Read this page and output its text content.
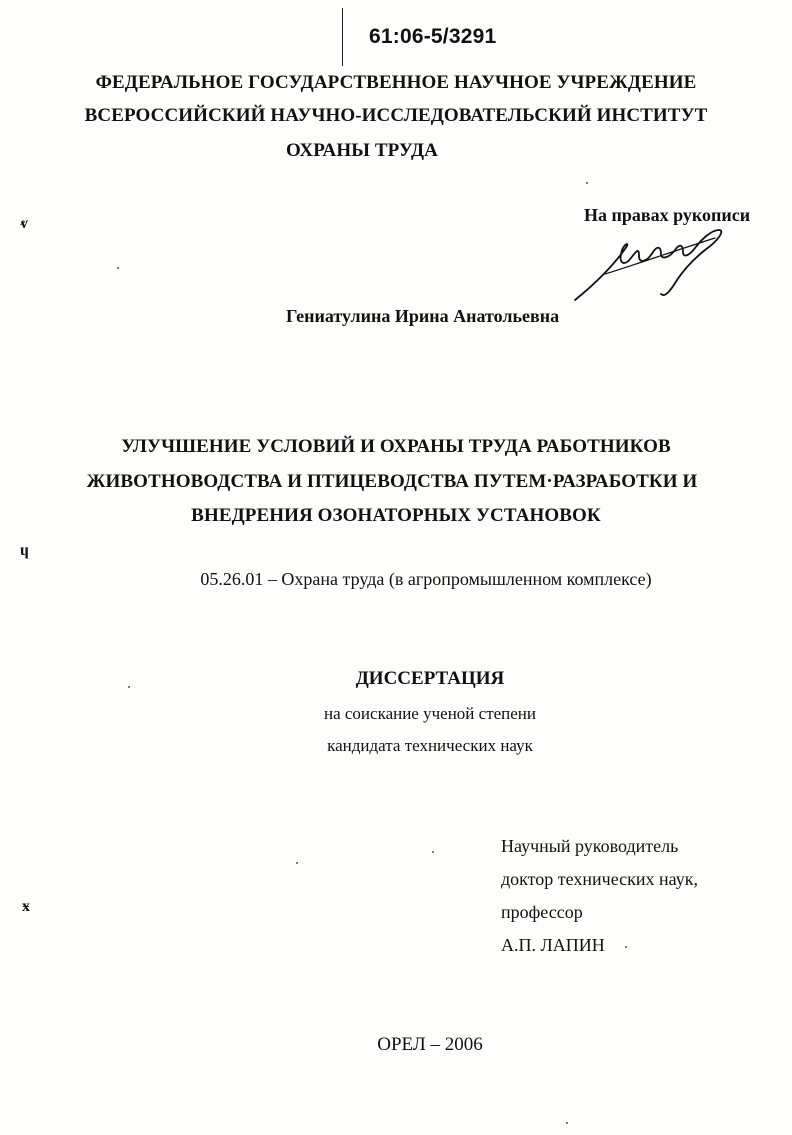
61:06-5/3291
ФЕДЕРАЛЬНОЕ ГОСУДАРСТВЕННОЕ НАУЧНОЕ УЧРЕЖДЕНИЕ
ВСЕРОССИЙСКИЙ НАУЧНО-ИССЛЕДОВАТЕЛЬСКИЙ ИНСТИТУТ
ОХРАНЫ ТРУДА
На правах рукописи
Гениатулина Ирина Анатольевна
УЛУЧШЕНИЕ УСЛОВИЙ И ОХРАНЫ ТРУДА РАБОТНИКОВ
ЖИВОТНОВОДСТВА И ПТИЦЕВОДСТВА ПУТЕМ·РАЗРАБОТКИ И
ВНЕДРЕНИЯ ОЗОНАТОРНЫХ УСТАНОВОК
05.26.01 – Охрана труда (в агропромышленном комплексе)
ДИССЕРТАЦИЯ
на соискание ученой степени
кандидата технических наук
Научный руководитель
доктор технических наук,
профессор
А.П. ЛАПИН
ОРЕЛ – 2006
ⱴ
ɥ
ӿ
